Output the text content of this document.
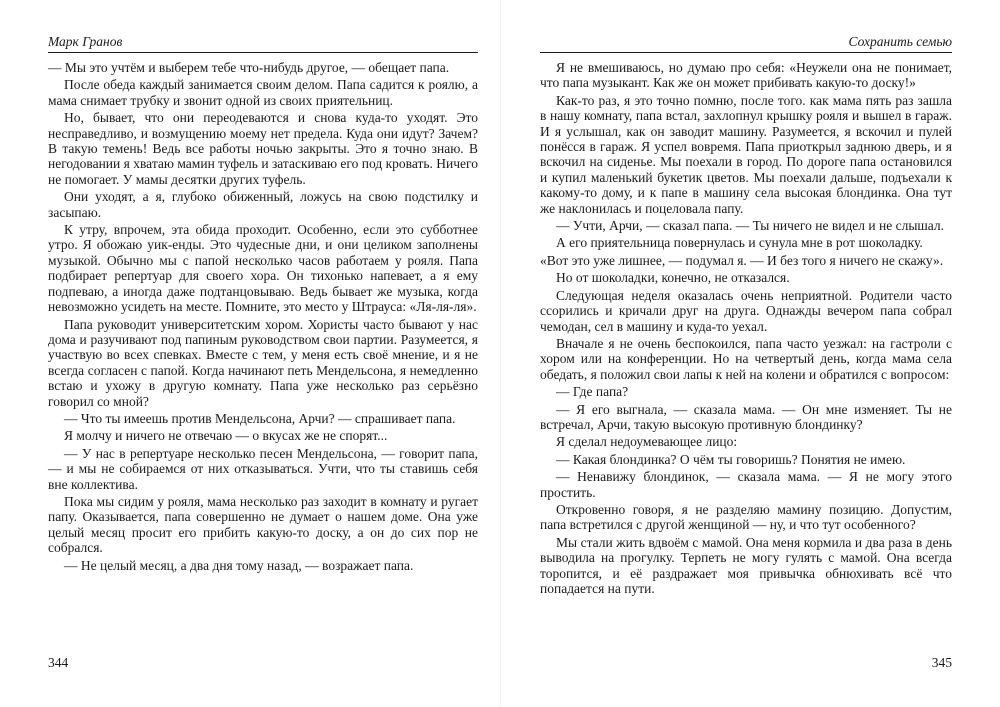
Марк Гранов

— Мы это учтём и выберем тебе что-нибудь другое, — обещает папа.

После обеда каждый занимается своим делом. Папа садится к роялю, а мама снимает трубку и звонит одной из своих приятельниц.

Но, бывает, что они переодеваются и снова куда-то уходят. Это несправедливо, и возмущению моему нет предела. Куда они идут? Зачем? В такую темень! Ведь все работы ночью закрыты. Это я точно знаю. В негодовании я хватаю мамин туфель и затаскиваю его под кровать. Ничего не помогает. У мамы десятки других туфель.

Они уходят, а я, глубоко обиженный, ложусь на свою подстилку и засыпаю.

К утру, впрочем, эта обида проходит. Особенно, если это субботнее утро. Я обожаю уик-енды. Это чудесные дни, и они целиком заполнены музыкой. Обычно мы с папой несколько часов работаем у рояля. Папа подбирает репертуар для своего хора. Он тихонько напевает, а я ему подпеваю, а иногда даже подтанцовываю. Ведь бывает же музыка, когда невозможно усидеть на месте. Помните, это место у Штрауса: «Ля-ля-ля».

Папа руководит университетским хором. Хористы часто бывают у нас дома и разучивают под папиным руководством свои партии. Разумеется, я участвую во всех спевках. Вместе с тем, у меня есть своё мнение, и я не всегда согласен с папой. Когда начинают петь Мендельсона, я немедленно встаю и ухожу в другую комнату. Папа уже несколько раз серьёзно говорил со мной?

— Что ты имеешь против Мендельсона, Арчи? — спрашивает папа.

Я молчу и ничего не отвечаю — о вкусах же не спорят...

— У нас в репертуаре несколько песен Мендельсона, — говорит папа, — и мы не собираемся от них отказываться. Учти, что ты ставишь себя вне коллектива.

Пока мы сидим у рояля, мама несколько раз заходит в комнату и ругает папу. Оказывается, папа совершенно не думает о нашем доме. Она уже целый месяц просит его прибить какую-то доску, а он до сих пор не собрался.

— Не целый месяц, а два дня тому назад, — возражает папа.

344
Сохранить семью

Я не вмешиваюсь, но думаю про себя: «Неужели она не понимает, что папа музыкант. Как же он может прибивать какую-то доску!»

Как-то раз, я это точно помню, после того. как мама пять раз зашла в нашу комнату, папа встал, захлопнул крышку рояля и вышел в гараж. И я услышал, как он заводит машину. Разумеется, я вскочил и пулей понёсся в гараж. Я успел вовремя. Папа приоткрыл заднюю дверь, и я вскочил на сиденье. Мы поехали в город. По дороге папа остановился и купил маленький букетик цветов. Мы поехали дальше, подъехали к какому-то дому, и к папе в машину села высокая блондинка. Она тут же наклонилась и поцеловала папу.

— Учти, Арчи, — сказал папа. — Ты ничего не видел и не слышал.

А его приятельница повернулась и сунула мне в рот шоколадку.

«Вот это уже лишнее, — подумал я. — И без того я ничего не скажу».

Но от шоколадки, конечно, не отказался.

Следующая неделя оказалась очень неприятной. Родители часто ссорились и кричали друг на друга. Однажды вечером папа собрал чемодан, сел в машину и куда-то уехал.

Вначале я не очень беспокоился, папа часто уезжал: на гастроли с хором или на конференции. Но на четвертый день, когда мама села обедать, я положил свои лапы к ней на колени и обратился с вопросом:

— Где папа?

— Я его выгнала, — сказала мама. — Он мне изменяет. Ты не встречал, Арчи, такую высокую противную блондинку?

Я сделал недоумевающее лицо:

— Какая блондинка? О чём ты говоришь? Понятия не имею.

— Ненавижу блондинок, — сказала мама. — Я не могу этого простить.

Откровенно говоря, я не разделяю мамину позицию. Допустим, папа встретился с другой женщиной — ну, и что тут особенного?

Мы стали жить вдвоём с мамой. Она меня кормила и два раза в день выводила на прогулку. Терпеть не могу гулять с мамой. Она всегда торопится, и её раздражает моя привычка обнюхивать всё что попадается на пути.

345
